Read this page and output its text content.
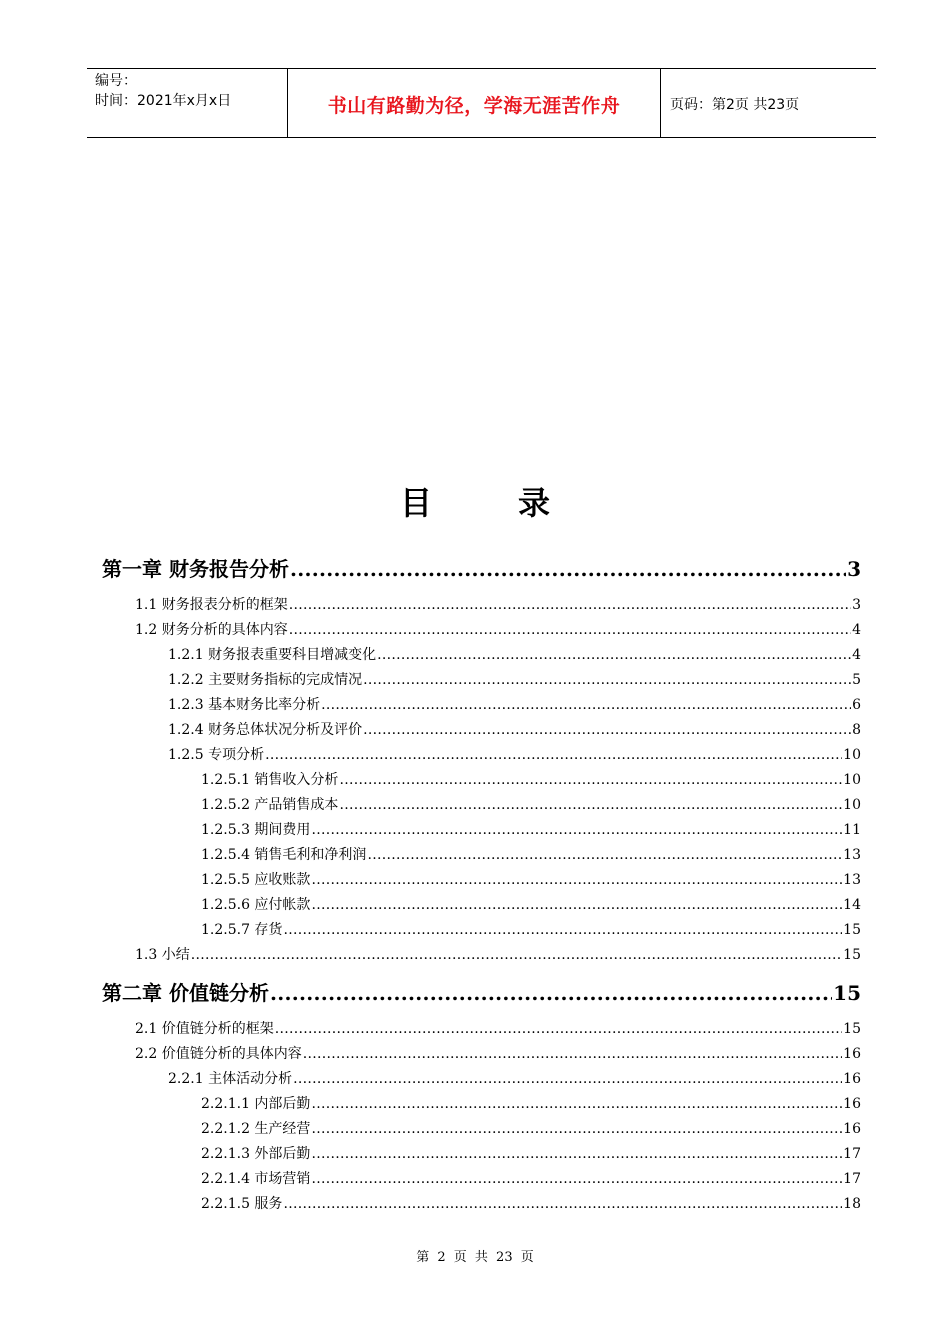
编号：
时间：2021年x月x日	书山有路勤为径，学海无涯苦作舟	页码：第2页 共23页
目	录
第一章 财务报告分析 .....	3
1.1 财务报表分析的框架 .....	3
1.2 财务分析的具体内容 .....	4
1.2.1 财务报表重要科目增减变化 .....	4
1.2.2 主要财务指标的完成情况 .....	5
1.2.3 基本财务比率分析 .....	6
1.2.4 财务总体状况分析及评价 .....	8
1.2.5 专项分析 .....	10
1.2.5.1 销售收入分析 .....	10
1.2.5.2 产品销售成本 .....	10
1.2.5.3 期间费用 .....	11
1.2.5.4 销售毛利和净利润 .....	13
1.2.5.5 应收账款 .....	13
1.2.5.6 应付帐款 .....	14
1.2.5.7 存货 .....	15
1.3 小结 .....	15
第二章 价值链分析 .....	15
2.1 价值链分析的框架 .....	15
2.2 价值链分析的具体内容 .....	16
2.2.1 主体活动分析 .....	16
2.2.1.1 内部后勤 .....	16
2.2.1.2 生产经营 .....	16
2.2.1.3 外部后勤 .....	17
2.2.1.4 市场营销 .....	17
2.2.1.5 服务 .....	18
第 2 页 共 23 页
